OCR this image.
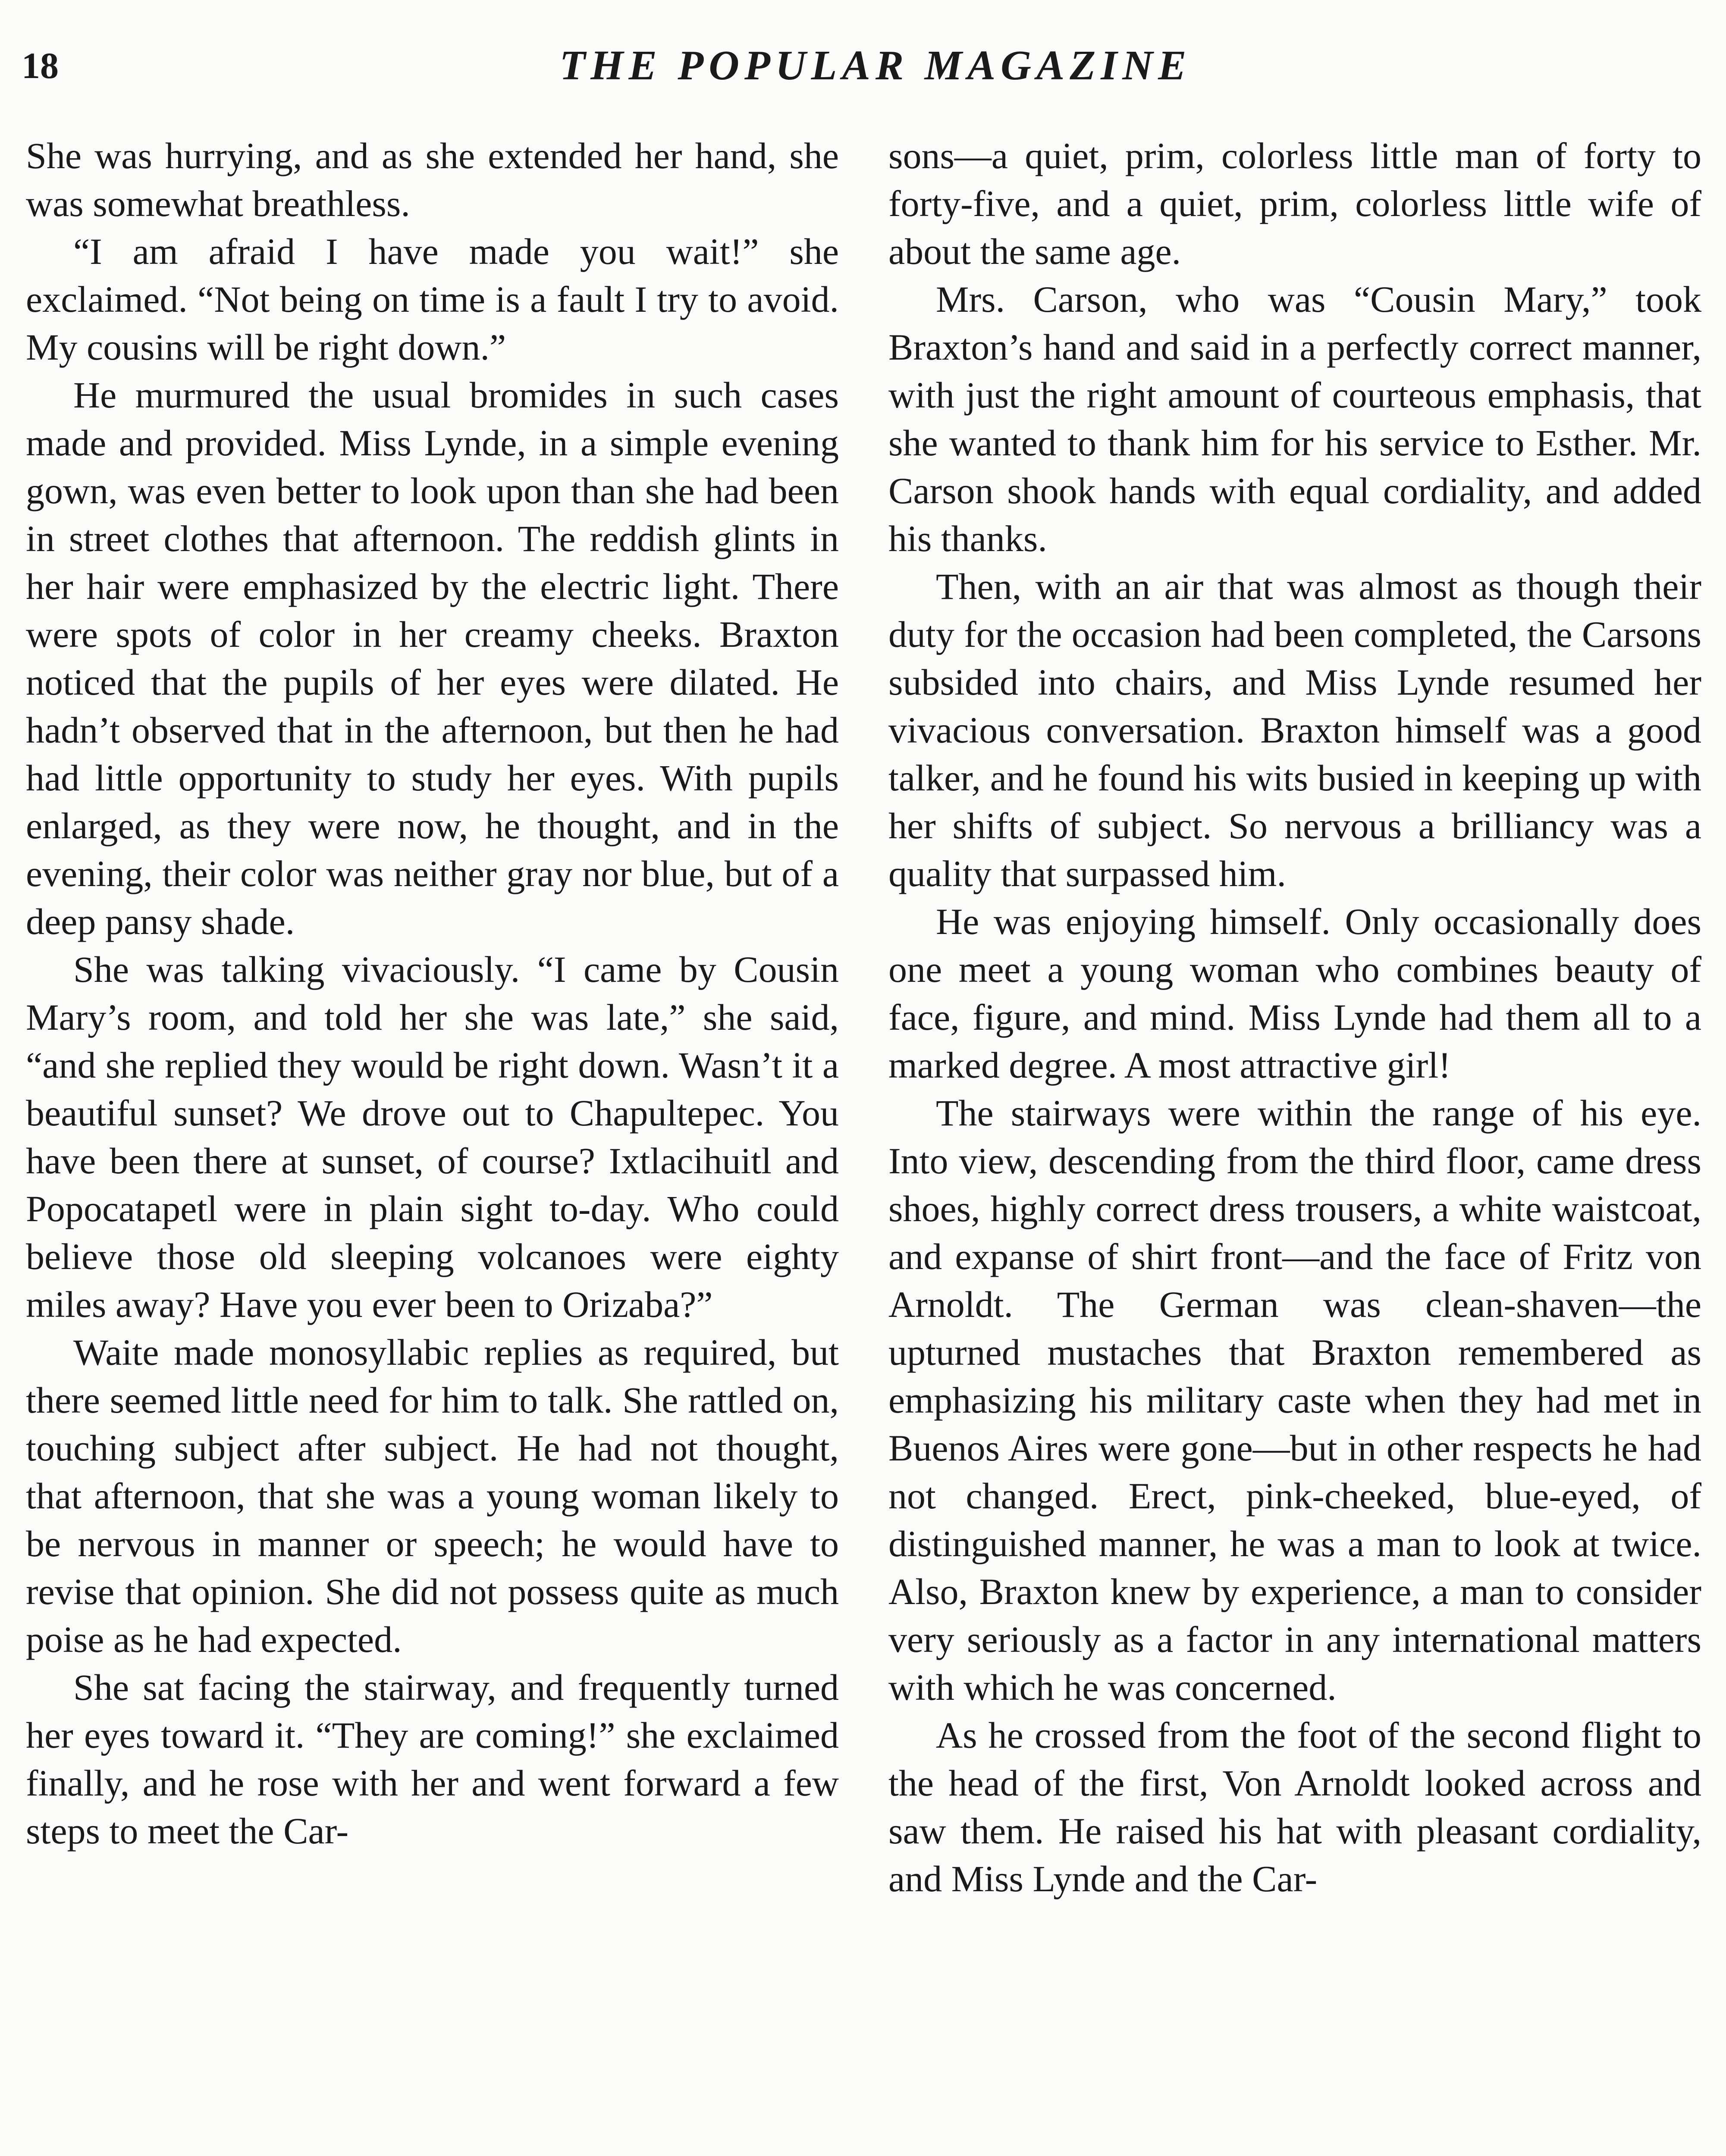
18	THE POPULAR MAGAZINE

She was hurrying, and as she extended her hand, she was somewhat breathless.

“I am afraid I have made you wait!” she exclaimed. “Not being on time is a fault I try to avoid. My cousins will be right down.”

He murmured the usual bromides in such cases made and provided. Miss Lynde, in a simple evening gown, was even better to look upon than she had been in street clothes that afternoon. The reddish glints in her hair were emphasized by the electric light. There were spots of color in her creamy cheeks. Braxton noticed that the pupils of her eyes were dilated. He hadn’t observed that in the afternoon, but then he had had little opportunity to study her eyes. With pupils enlarged, as they were now, he thought, and in the evening, their color was neither gray nor blue, but of a deep pansy shade.

She was talking vivaciously. “I came by Cousin Mary’s room, and told her she was late,” she said, “and she replied they would be right down. Wasn’t it a beautiful sunset? We drove out to Chapultepec. You have been there at sunset, of course? Ixtlacihuitl and Popocatapetl were in plain sight to-day. Who could believe those old sleeping volcanoes were eighty miles away? Have you ever been to Orizaba?”

Waite made monosyllabic replies as required, but there seemed little need for him to talk. She rattled on, touching subject after subject. He had not thought, that afternoon, that she was a young woman likely to be nervous in manner or speech; he would have to revise that opinion. She did not possess quite as much poise as he had expected.

She sat facing the stairway, and frequently turned her eyes toward it. “They are coming!” she exclaimed finally, and he rose with her and went forward a few steps to meet the Car-

sons—a quiet, prim, colorless little man of forty to forty-five, and a quiet, prim, colorless little wife of about the same age.

Mrs. Carson, who was “Cousin Mary,” took Braxton’s hand and said in a perfectly correct manner, with just the right amount of courteous emphasis, that she wanted to thank him for his service to Esther. Mr. Carson shook hands with equal cordiality, and added his thanks.

Then, with an air that was almost as though their duty for the occasion had been completed, the Carsons subsided into chairs, and Miss Lynde resumed her vivacious conversation. Braxton himself was a good talker, and he found his wits busied in keeping up with her shifts of subject. So nervous a brilliancy was a quality that surpassed him.

He was enjoying himself. Only occasionally does one meet a young woman who combines beauty of face, figure, and mind. Miss Lynde had them all to a marked degree. A most attractive girl!

The stairways were within the range of his eye. Into view, descending from the third floor, came dress shoes, highly correct dress trousers, a white waistcoat, and expanse of shirt front—and the face of Fritz von Arnoldt. The German was clean-shaven—the upturned mustaches that Braxton remembered as emphasizing his military caste when they had met in Buenos Aires were gone—but in other respects he had not changed. Erect, pink-cheeked, blue-eyed, of distinguished manner, he was a man to look at twice. Also, Braxton knew by experience, a man to consider very seriously as a factor in any international matters with which he was concerned.

As he crossed from the foot of the second flight to the head of the first, Von Arnoldt looked across and saw them. He raised his hat with pleasant cordiality, and Miss Lynde and the Car-
